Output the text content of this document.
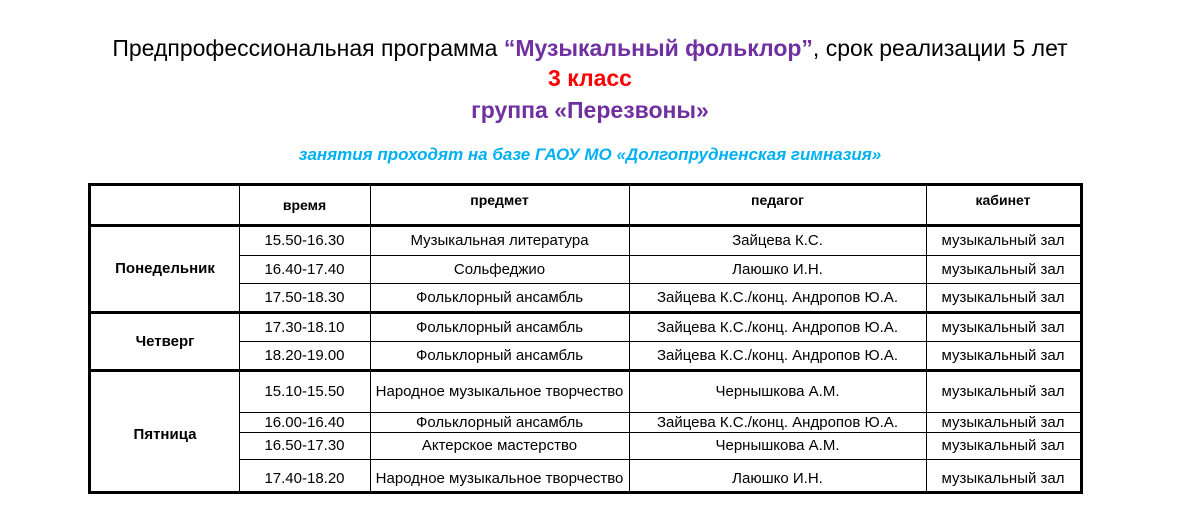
Предпрофессиональная программа “Музыкальный фольклор”, срок реализации 5 лет
3 класс
группа «Перезвоны»
занятия проходят на базе ГАОУ МО «Долгопрудненская гимназия»
время	предмет	педагог	кабинет
Понедельник
15.50-16.30	Музыкальная литература	Зайцева К.С.	музыкальный зал
16.40-17.40	Сольфеджио	Лаюшко И.Н.	музыкальный зал
17.50-18.30	Фольклорный ансамбль	Зайцева К.С./конц. Андропов Ю.А.	музыкальный зал
Четверг
17.30-18.10	Фольклорный ансамбль	Зайцева К.С./конц. Андропов Ю.А.	музыкальный зал
18.20-19.00	Фольклорный ансамбль	Зайцева К.С./конц. Андропов Ю.А.	музыкальный зал
Пятница
15.10-15.50	Народное музыкальное творчество	Чернышкова А.М.	музыкальный зал
16.00-16.40	Фольклорный ансамбль	Зайцева К.С./конц. Андропов Ю.А.	музыкальный зал
16.50-17.30	Актерское мастерство	Чернышкова А.М.	музыкальный зал
17.40-18.20	Народное музыкальное творчество	Лаюшко И.Н.	музыкальный зал
